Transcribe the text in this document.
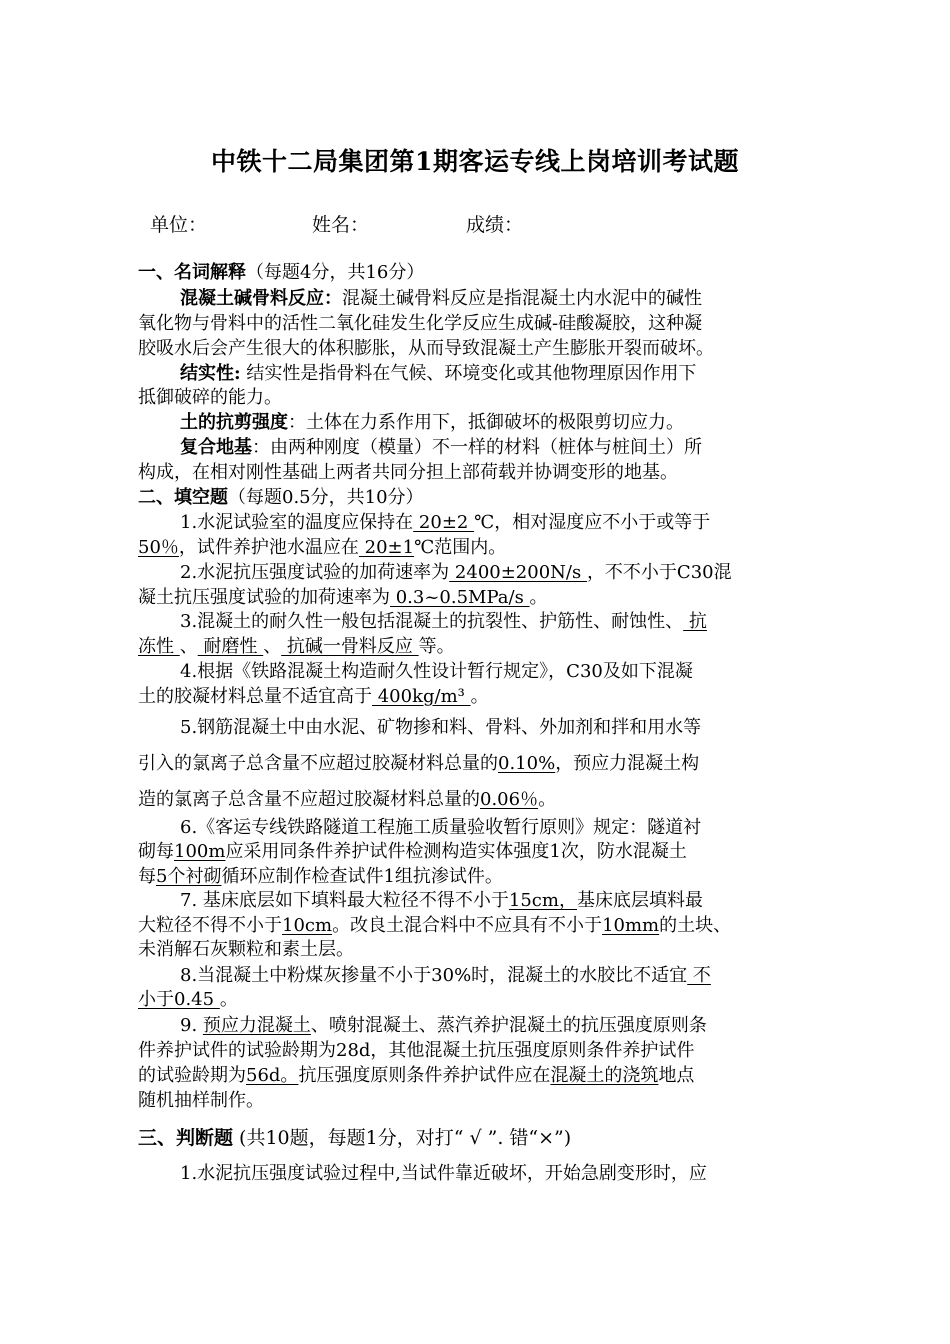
中铁十二局集团第1期客运专线上岗培训考试题
单位：	姓名：	成绩：
一、名词解释（每题4分，共16分）
混凝土碱骨料反应：混凝土碱骨料反应是指混凝土内水泥中的碱性
氧化物与骨料中的活性二氧化硅发生化学反应生成碱-硅酸凝胶，这种凝
胶吸水后会产生很大的体积膨胀，从而导致混凝土产生膨胀开裂而破坏。
结实性: 结实性是指骨料在气候、环境变化或其他物理原因作用下
抵御破碎的能力。
土的抗剪强度：土体在力系作用下，抵御破坏的极限剪切应力。
复合地基：由两种刚度（模量）不一样的材料（桩体与桩间土）所
构成，在相对刚性基础上两者共同分担上部荷载并协调变形的地基。
二、填空题（每题0.5分，共10分）
1.水泥试验室的温度应保持在 20±2 ℃，相对湿度应不小于或等于
50％，试件养护池水温应在 20±1℃范围内。
2.水泥抗压强度试验的加荷速率为 2400±200N/s ，不不小于C30混
凝土抗压强度试验的加荷速率为 0.3~0.5MPa/s 。
3.混凝土的耐久性一般包括混凝土的抗裂性、护筋性、耐蚀性、 抗
冻性 、 耐磨性 、 抗碱一骨料反应 等。
4.根据《铁路混凝土构造耐久性设计暂行规定》，C30及如下混凝
土的胶凝材料总量不适宜高于 400kg/m³ 。
5.钢筋混凝土中由水泥、矿物掺和料、骨料、外加剂和拌和用水等
引入的氯离子总含量不应超过胶凝材料总量的0.10%，预应力混凝土构
造的氯离子总含量不应超过胶凝材料总量的0.06％。
6.《客运专线铁路隧道工程施工质量验收暂行原则》规定：隧道衬
砌每100m应采用同条件养护试件检测构造实体强度1次，防水混凝土
每5个衬砌循环应制作检查试件1组抗渗试件。
7. 基床底层如下填料最大粒径不得不小于15cm，基床底层填料最
大粒径不得不小于10cm。改良土混合料中不应具有不小于10mm的土块、
未消解石灰颗粒和素土层。
8.当混凝土中粉煤灰掺量不小于30%时，混凝土的水胶比不适宜 不
小于0.45 。
9. 预应力混凝土、喷射混凝土、蒸汽养护混凝土的抗压强度原则条
件养护试件的试验龄期为28d，其他混凝土抗压强度原则条件养护试件
的试验龄期为56d。抗压强度原则条件养护试件应在混凝土的浇筑地点
随机抽样制作。
三、判断题 (共10题，每题1分，对打“ √ ”. 错“×”)
1.水泥抗压强度试验过程中,当试件靠近破坏，开始急剧变形时，应
